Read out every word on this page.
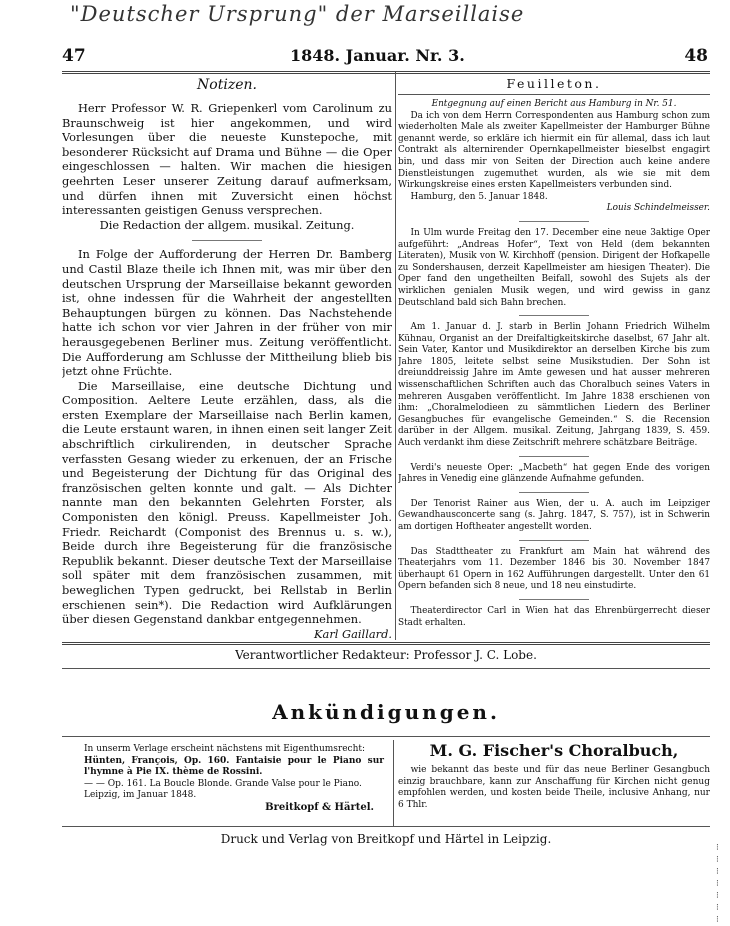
"Deutscher Ursprung" der Marseillaise
47	1848. Januar. Nr. 3.	48
Notizen.

Herr Professor W. R. Griepenkerl vom Carolinum zu Braunschweig ist hier angekommen, und wird Vorlesungen über die neueste Kunstepoche, mit besonderer Rücksicht auf Drama und Bühne — die Oper eingeschlossen — halten. Wir machen die hiesigen geehrten Leser unserer Zeitung darauf aufmerksam, und dürfen ihnen mit Zuversicht einen höchst interessanten geistigen Genuss versprechen.

Die Redaction der allgem. musikal. Zeitung.

In Folge der Aufforderung der Herren Dr. Bamberg und Castil Blaze theile ich Ihnen mit, was mir über den deutschen Ursprung der Marseillaise bekannt geworden ist, ohne indessen für die Wahrheit der angestellten Behauptungen bürgen zu können. Das Nachstehende hatte ich schon vor vier Jahren in der früher von mir herausgegebenen Berliner mus. Zeitung veröffentlicht. Die Aufforderung am Schlusse der Mittheilung blieb bis jetzt ohne Früchte.

Die Marseillaise, eine deutsche Dichtung und Composition. Aeltere Leute erzählen, dass, als die ersten Exemplare der Marseillaise nach Berlin kamen, die Leute erstaunt waren, in ihnen einen seit langer Zeit abschriftlich cirkulirenden, in deutscher Sprache verfassten Gesang wieder zu erkenuen, der an Frische und Begeisterung der Dichtung für das Original des französischen gelten konnte und galt. — Als Dichter nannte man den bekannten Gelehrten Forster, als Componisten den königl. Preuss. Kapellmeister Joh. Friedr. Reichardt (Componist des Brennus u. s. w.), Beide durch ihre Begeisterung für die französische Republik bekannt. Dieser deutsche Text der Marseillaise soll später mit dem französischen zusammen, mit beweglichen Typen gedruckt, bei Rellstab in Berlin erschienen sein*). Die Redaction wird Aufklärungen über diesen Gegenstand dankbar entgegennehmen.

Karl Gaillard.

Feuilleton.

Entgegnung auf einen Bericht aus Hamburg in Nr. 51.

Da ich von dem Herrn Correspondenten aus Hamburg schon zum wiederholten Male als zweiter Kapellmeister der Hamburger Bühne genannt werde, so erkläre ich hiermit ein für allemal, dass ich laut Contrakt als alternirender Opernkapellmeister bieselbst engagirt bin, und dass mir von Seiten der Direction auch keine andere Dienstleistungen zugemuthet wurden, als wie sie mit dem Wirkungskreise eines ersten Kapellmeisters verbunden sind.

Hamburg, den 5. Januar 1848.

Louis Schindelmeisser.

In Ulm wurde Freitag den 17. December eine neue 3aktige Oper aufgeführt: „Andreas Hofer“, Text von Held (dem bekannten Literaten), Musik von W. Kirchhoff (pension. Dirigent der Hofkapelle zu Sondershausen, derzeit Kapellmeister am hiesigen Theater). Die Oper fand den ungetheilten Beifall, sowohl des Sujets als der wirklichen genialen Musik wegen, und wird gewiss in ganz Deutschland bald sich Bahn brechen.

Am 1. Januar d. J. starb in Berlin Johann Friedrich Wilhelm Kühnau, Organist an der Dreifaltigkeitskirche daselbst, 67 Jahr alt. Sein Vater, Kantor und Musikdirektor an derselben Kirche bis zum Jahre 1805, leitete selbst seine Musikstudien. Der Sohn ist dreiunddreissig Jahre im Amte gewesen und hat ausser mehreren wissenschaftlichen Schriften auch das Choralbuch seines Vaters in mehreren Ausgaben veröffentlicht. Im Jahre 1838 erschienen von ihm: „Choralmelodieen zu sämmtlichen Liedern des Berliner Gesangbuches für evangelische Gemeinden.“ S. die Recension darüber in der Allgem. musikal. Zeitung, Jahrgang 1839, S. 459. Auch verdankt ihm diese Zeitschrift mehrere schätzbare Beiträge.

Verdi's neueste Oper: „Macbeth“ hat gegen Ende des vorigen Jahres in Venedig eine glänzende Aufnahme gefunden.

Der Tenorist Rainer aus Wien, der u. A. auch im Leipziger Gewandhausconcerte sang (s. Jahrg. 1847, S. 757), ist in Schwerin am dortigen Hoftheater angestellt worden.

Das Stadttheater zu Frankfurt am Main hat während des Theaterjahrs vom 11. Dezember 1846 bis 30. November 1847 überhaupt 61 Opern in 162 Aufführungen dargestellt. Unter den 61 Opern befanden sich 8 neue, und 18 neu einstudirte.

Theaterdirector Carl in Wien hat das Ehrenbürgerrecht dieser Stadt erhalten.

Verantwortlicher Redakteur: Professor J. C. Lobe.
Ankündigungen.

In unserm Verlage erscheint nächstens mit Eigenthumsrecht:

Hünten, François, Op. 160. Fantaisie pour le Piano sur l'hymne à Pie IX. thème de Rossini.

— — Op. 161. La Boucle Blonde. Grande Valse pour le Piano.

Leipzig, im Januar 1848.

Breitkopf & Härtel.

M. G. Fischer's Choralbuch,

wie bekannt das beste und für das neue Berliner Gesangbuch einzig brauchbare, kann zur Anschaffung für Kirchen nicht genug empfohlen werden, und kosten beide Theile, inclusive Anhang, nur 6 Thlr.

Druck und Verlag von Breitkopf und Härtel in Leipzig.
⁝
⁝
⁝
⁝
⁝
⁝
⁝
